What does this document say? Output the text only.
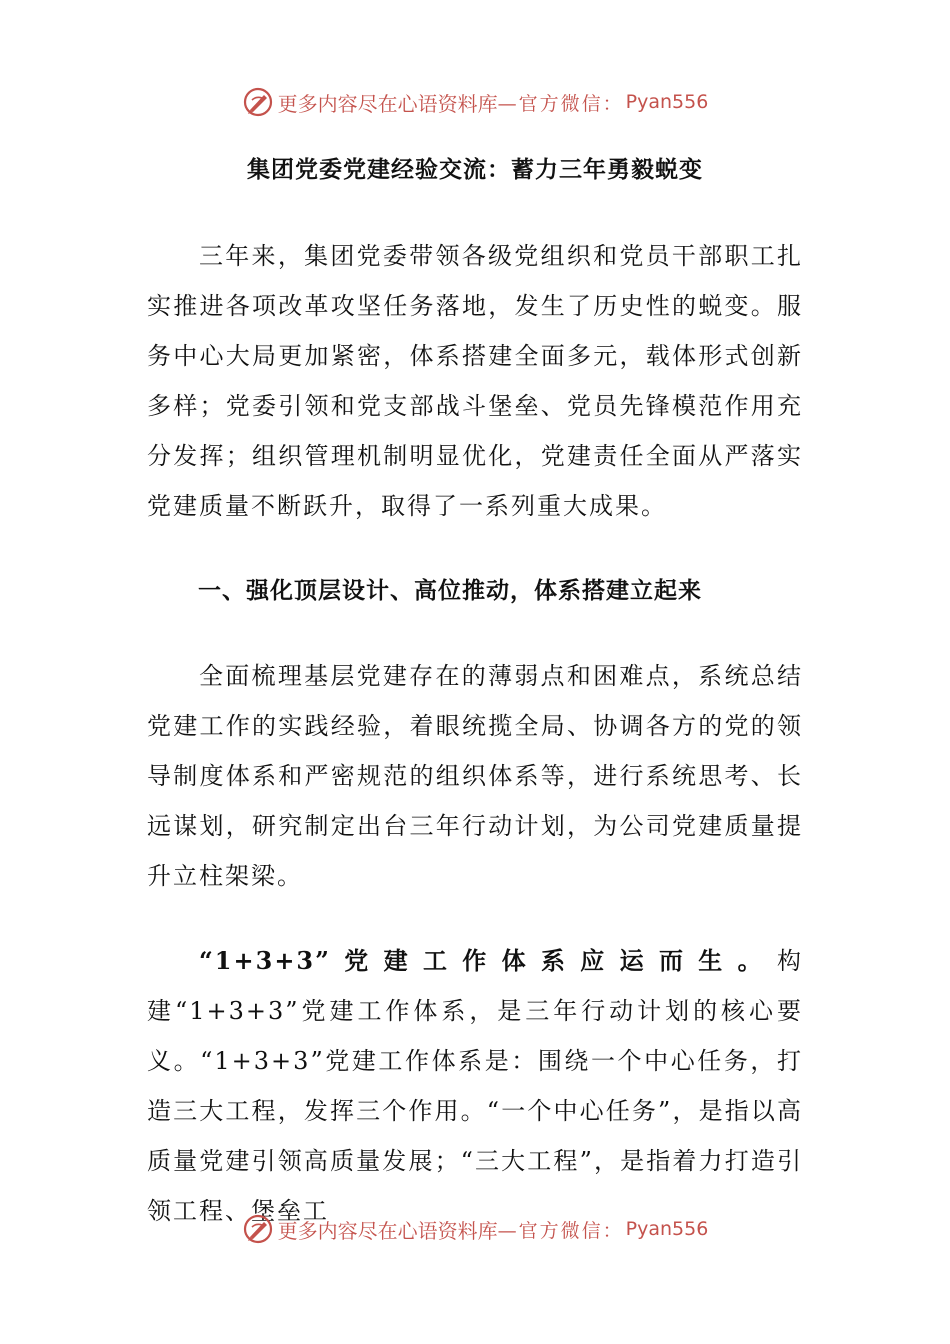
更多内容尽在心语资料库 —官方微信： Pyan556
集团党委党建经验交流：蓄力三年勇毅蜕变
三年来，集团党委带领各级党组织和党员干部职工扎实推进各项改革攻坚任务落地，发生了历史性的蜕变。服务中心大局更加紧密，体系搭建全面多元，载体形式创新多样；党委引领和党支部战斗堡垒、党员先锋模范作用充分发挥；组织管理机制明显优化，党建责任全面从严落实党建质量不断跃升，取得了一系列重大成果。
一、强化顶层设计、高位推动，体系搭建立起来
全面梳理基层党建存在的薄弱点和困难点，系统总结党建工作的实践经验，着眼统揽全局、协调各方的党的领导制度体系和严密规范的组织体系等，进行系统思考、长远谋划，研究制定出台三年行动计划，为公司党建质量提升立柱架梁。
“1+3+3”党建工作体系应运而生。构建“1+3+3”党建工作体系，是三年行动计划的核心要义。“1+3+3”党建工作体系是：围绕一个中心任务，打造三大工程，发挥三个作用。“一个中心任务”，是指以高质量党建引领高质量发展；“三大工程”，是指着力打造引领工程、堡垒工
更多内容尽在心语资料库 —官方微信： Pyan556
